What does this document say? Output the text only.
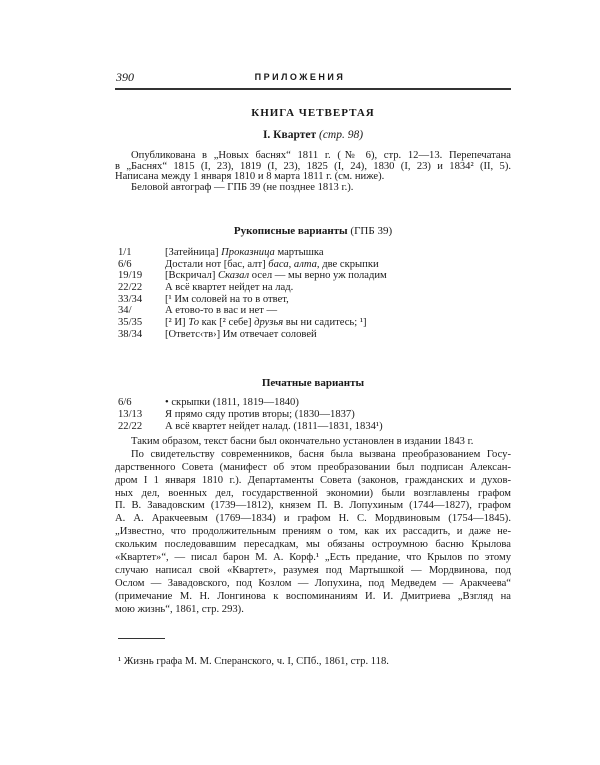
390	ПРИЛОЖЕНИЯ
КНИГА ЧЕТВЕРТАЯ
I. Квартет (стр. 98)
Опубликована в „Новых баснях“ 1811 г. (№ 6), стр. 12—13. Перепечатана
в „Баснях“ 1815 (I, 23), 1819 (I, 23), 1825 (I, 24), 1830 (I, 23) и 1834² (II, 5).
Написана между 1 января 1810 и 8 марта 1811 г. (см. ниже).
Беловой автограф — ГПБ 39 (не позднее 1813 г.).
Рукописные варианты (ГПБ 39)
1/1	[Затейница] Проказница мартышка
6/6	Достали нот [бас, алт] баса, алта, две скрыпки
19/19 [Вскричал] Сказал осел — мы верно уж поладим
22/22 А всё квартет нейдет на лад.
33/34 [¹ Им соловей на то в ответ,
34/	А етово-то в вас и нет —
35/35 [² И] То как [² себе] друзья вы ни садитесь; ¹]
38/34 [Ответс‹тв›] Им отвечает соловей
Печатные варианты
6/6	• скрыпки (1811, 1819—1840)
13/13 Я прямо сяду против вторы; (1830—1837)
22/22 А всё квартет нейдет налад. (1811—1831, 1834¹)
Таким образом, текст басни был окончательно установлен в издании 1843 г.
По свидетельству современников, басня была вызвана преобразованием Госу-
дарственного Совета (манифест об этом преобразовании был подписан Алексан-
дром I 1 января 1810 г.). Департаменты Совета (законов, гражданских и духов-
ных дел, военных дел, государственной экономии) были возглавлены графом
П. В. Завадовским (1739—1812), князем П. В. Лопухиным (1744—1827), графом
А. А. Аракчеевым (1769—1834) и графом Н. С. Мордвиновым (1754—1845).
„Известно, что продолжительным прениям о том, как их рассадить, и даже не-
скольким последовавшим пересадкам, мы обязаны остроумною басню Крылова
«Квартет»“, — писал барон М. А. Корф.¹ „Есть предание, что Крылов по этому
случаю написал свой «Квартет», разумея под Мартышкой — Мордвинова, под
Ослом — Завадовского, под Козлом — Лопухина, под Медведем — Аракчеева“
(примечание М. Н. Лонгинова к воспоминаниям И. И. Дмитриева „Взгляд на
мою жизнь“, 1861, стр. 293).
¹ Жизнь графа М. М. Сперанского, ч. I, СПб., 1861, стр. 118.
